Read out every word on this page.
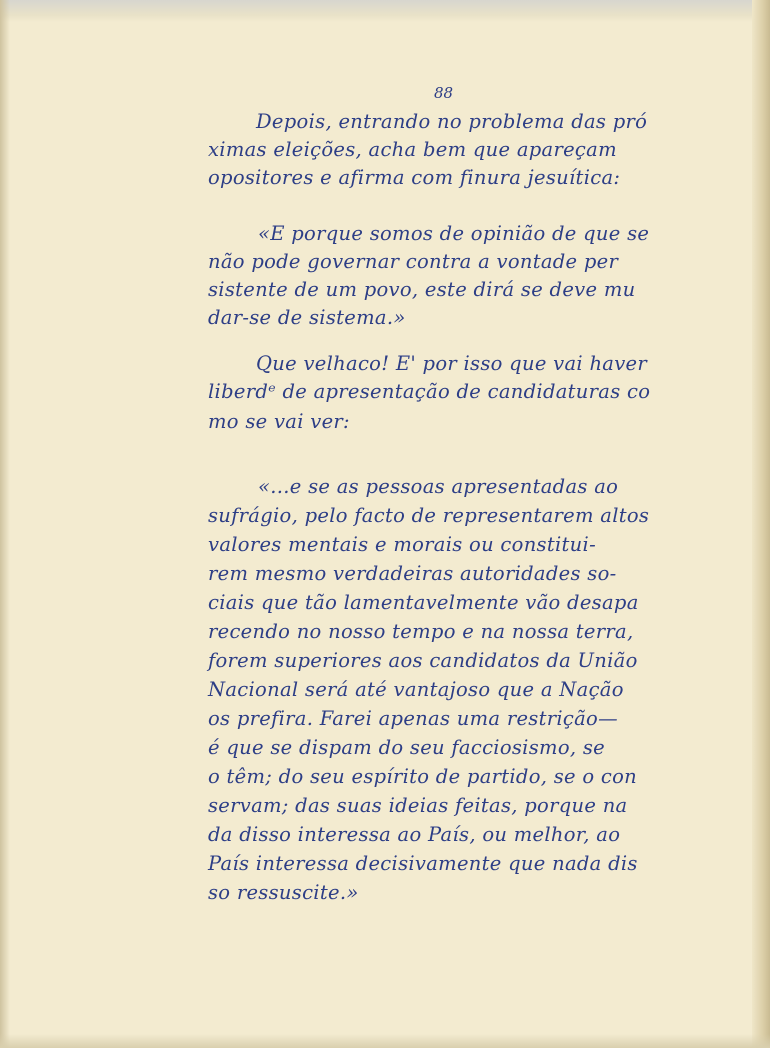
88
Depois, entrando no problema das pró
ximas eleições, acha bem que apareçam
opositores e afirma com finura jesuítica:
«E porque somos de opinião de que se
não pode governar contra a vontade per
sistente de um povo, este dirá se deve mu
dar-se de sistema.»
Que velhaco! E' por isso que vai haver
liberdᵉ de apresentação de candidaturas co
mo se vai ver:
«...e se as pessoas apresentadas ao
sufrágio, pelo facto de representarem altos
valores mentais e morais ou constitui-
rem mesmo verdadeiras autoridades so-
ciais que tão lamentavelmente vão desapa
recendo no nosso tempo e na nossa terra,
forem superiores aos candidatos da União
Nacional será até vantajoso que a Nação
os prefira. Farei apenas uma restrição—
é que se dispam do seu facciosismo, se
o têm; do seu espírito de partido, se o con
servam; das suas ideias feitas, porque na
da disso interessa ao País, ou melhor, ao
País interessa decisivamente que nada dis
so ressuscite.»
